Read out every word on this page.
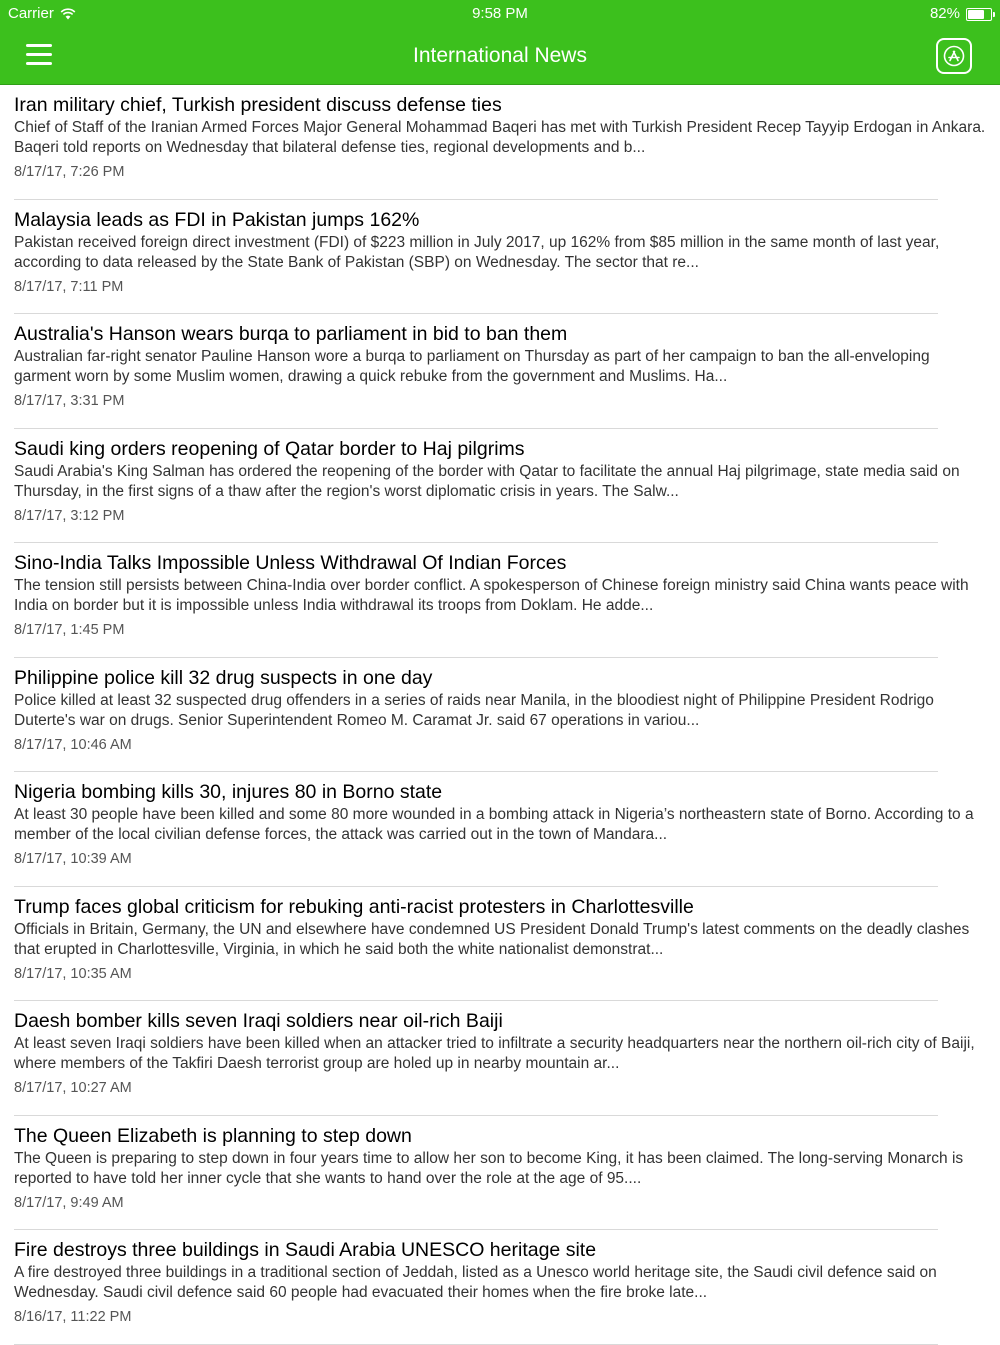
Carrier	9:58 PM	82%
International News
Iran military chief, Turkish president discuss defense ties
Chief of Staff of the Iranian Armed Forces Major General Mohammad Baqeri has met with Turkish President Recep Tayyip Erdogan in Ankara. Baqeri told reports on Wednesday that bilateral defense ties, regional developments and b...
8/17/17, 7:26 PM
Malaysia leads as FDI in Pakistan jumps 162%
Pakistan received foreign direct investment (FDI) of $223 million in July 2017, up 162% from $85 million in the same month of last year, according to data released by the State Bank of Pakistan (SBP) on Wednesday. The sector that re...
8/17/17, 7:11 PM
Australia's Hanson wears burqa to parliament in bid to ban them
Australian far-right senator Pauline Hanson wore a burqa to parliament on Thursday as part of her campaign to ban the all-enveloping garment worn by some Muslim women, drawing a quick rebuke from the government and Muslims. Ha...
8/17/17, 3:31 PM
Saudi king orders reopening of Qatar border to Haj pilgrims
Saudi Arabia's King Salman has ordered the reopening of the border with Qatar to facilitate the annual Haj pilgrimage, state media said on Thursday, in the first signs of a thaw after the region's worst diplomatic crisis in years. The Salw...
8/17/17, 3:12 PM
Sino-India Talks Impossible Unless Withdrawal Of Indian Forces
The tension still persists between China-India over border conflict. A spokesperson of Chinese foreign ministry said China wants peace with India on border but it is impossible unless India withdrawal its troops from Doklam. He adde...
8/17/17, 1:45 PM
Philippine police kill 32 drug suspects in one day
Police killed at least 32 suspected drug offenders in a series of raids near Manila, in the bloodiest night of Philippine President Rodrigo Duterte's war on drugs. Senior Superintendent Romeo M. Caramat Jr. said 67 operations in variou...
8/17/17, 10:46 AM
Nigeria bombing kills 30, injures 80 in Borno state
At least 30 people have been killed and some 80 more wounded in a bombing attack in Nigeria’s northeastern state of Borno. According to a member of the local civilian defense forces, the attack was carried out in the town of Mandara...
8/17/17, 10:39 AM
Trump faces global criticism for rebuking anti-racist protesters in Charlottesville
Officials in Britain, Germany, the UN and elsewhere have condemned US President Donald Trump's latest comments on the deadly clashes that erupted in Charlottesville, Virginia, in which he said both the white nationalist demonstrat...
8/17/17, 10:35 AM
Daesh bomber kills seven Iraqi soldiers near oil-rich Baiji
At least seven Iraqi soldiers have been killed when an attacker tried to infiltrate a security headquarters near the northern oil-rich city of Baiji, where members of the Takfiri Daesh terrorist group are holed up in nearby mountain ar...
8/17/17, 10:27 AM
The Queen Elizabeth is planning to step down
The Queen is preparing to step down in four years time to allow her son to become King, it has been claimed. The long-serving Monarch is reported to have told her inner cycle that she wants to hand over the role at the age of 95....
8/17/17, 9:49 AM
Fire destroys three buildings in Saudi Arabia UNESCO heritage site
A fire destroyed three buildings in a traditional section of Jeddah, listed as a Unesco world heritage site, the Saudi civil defence said on Wednesday. Saudi civil defence said 60 people had evacuated their homes when the fire broke late...
8/16/17, 11:22 PM
